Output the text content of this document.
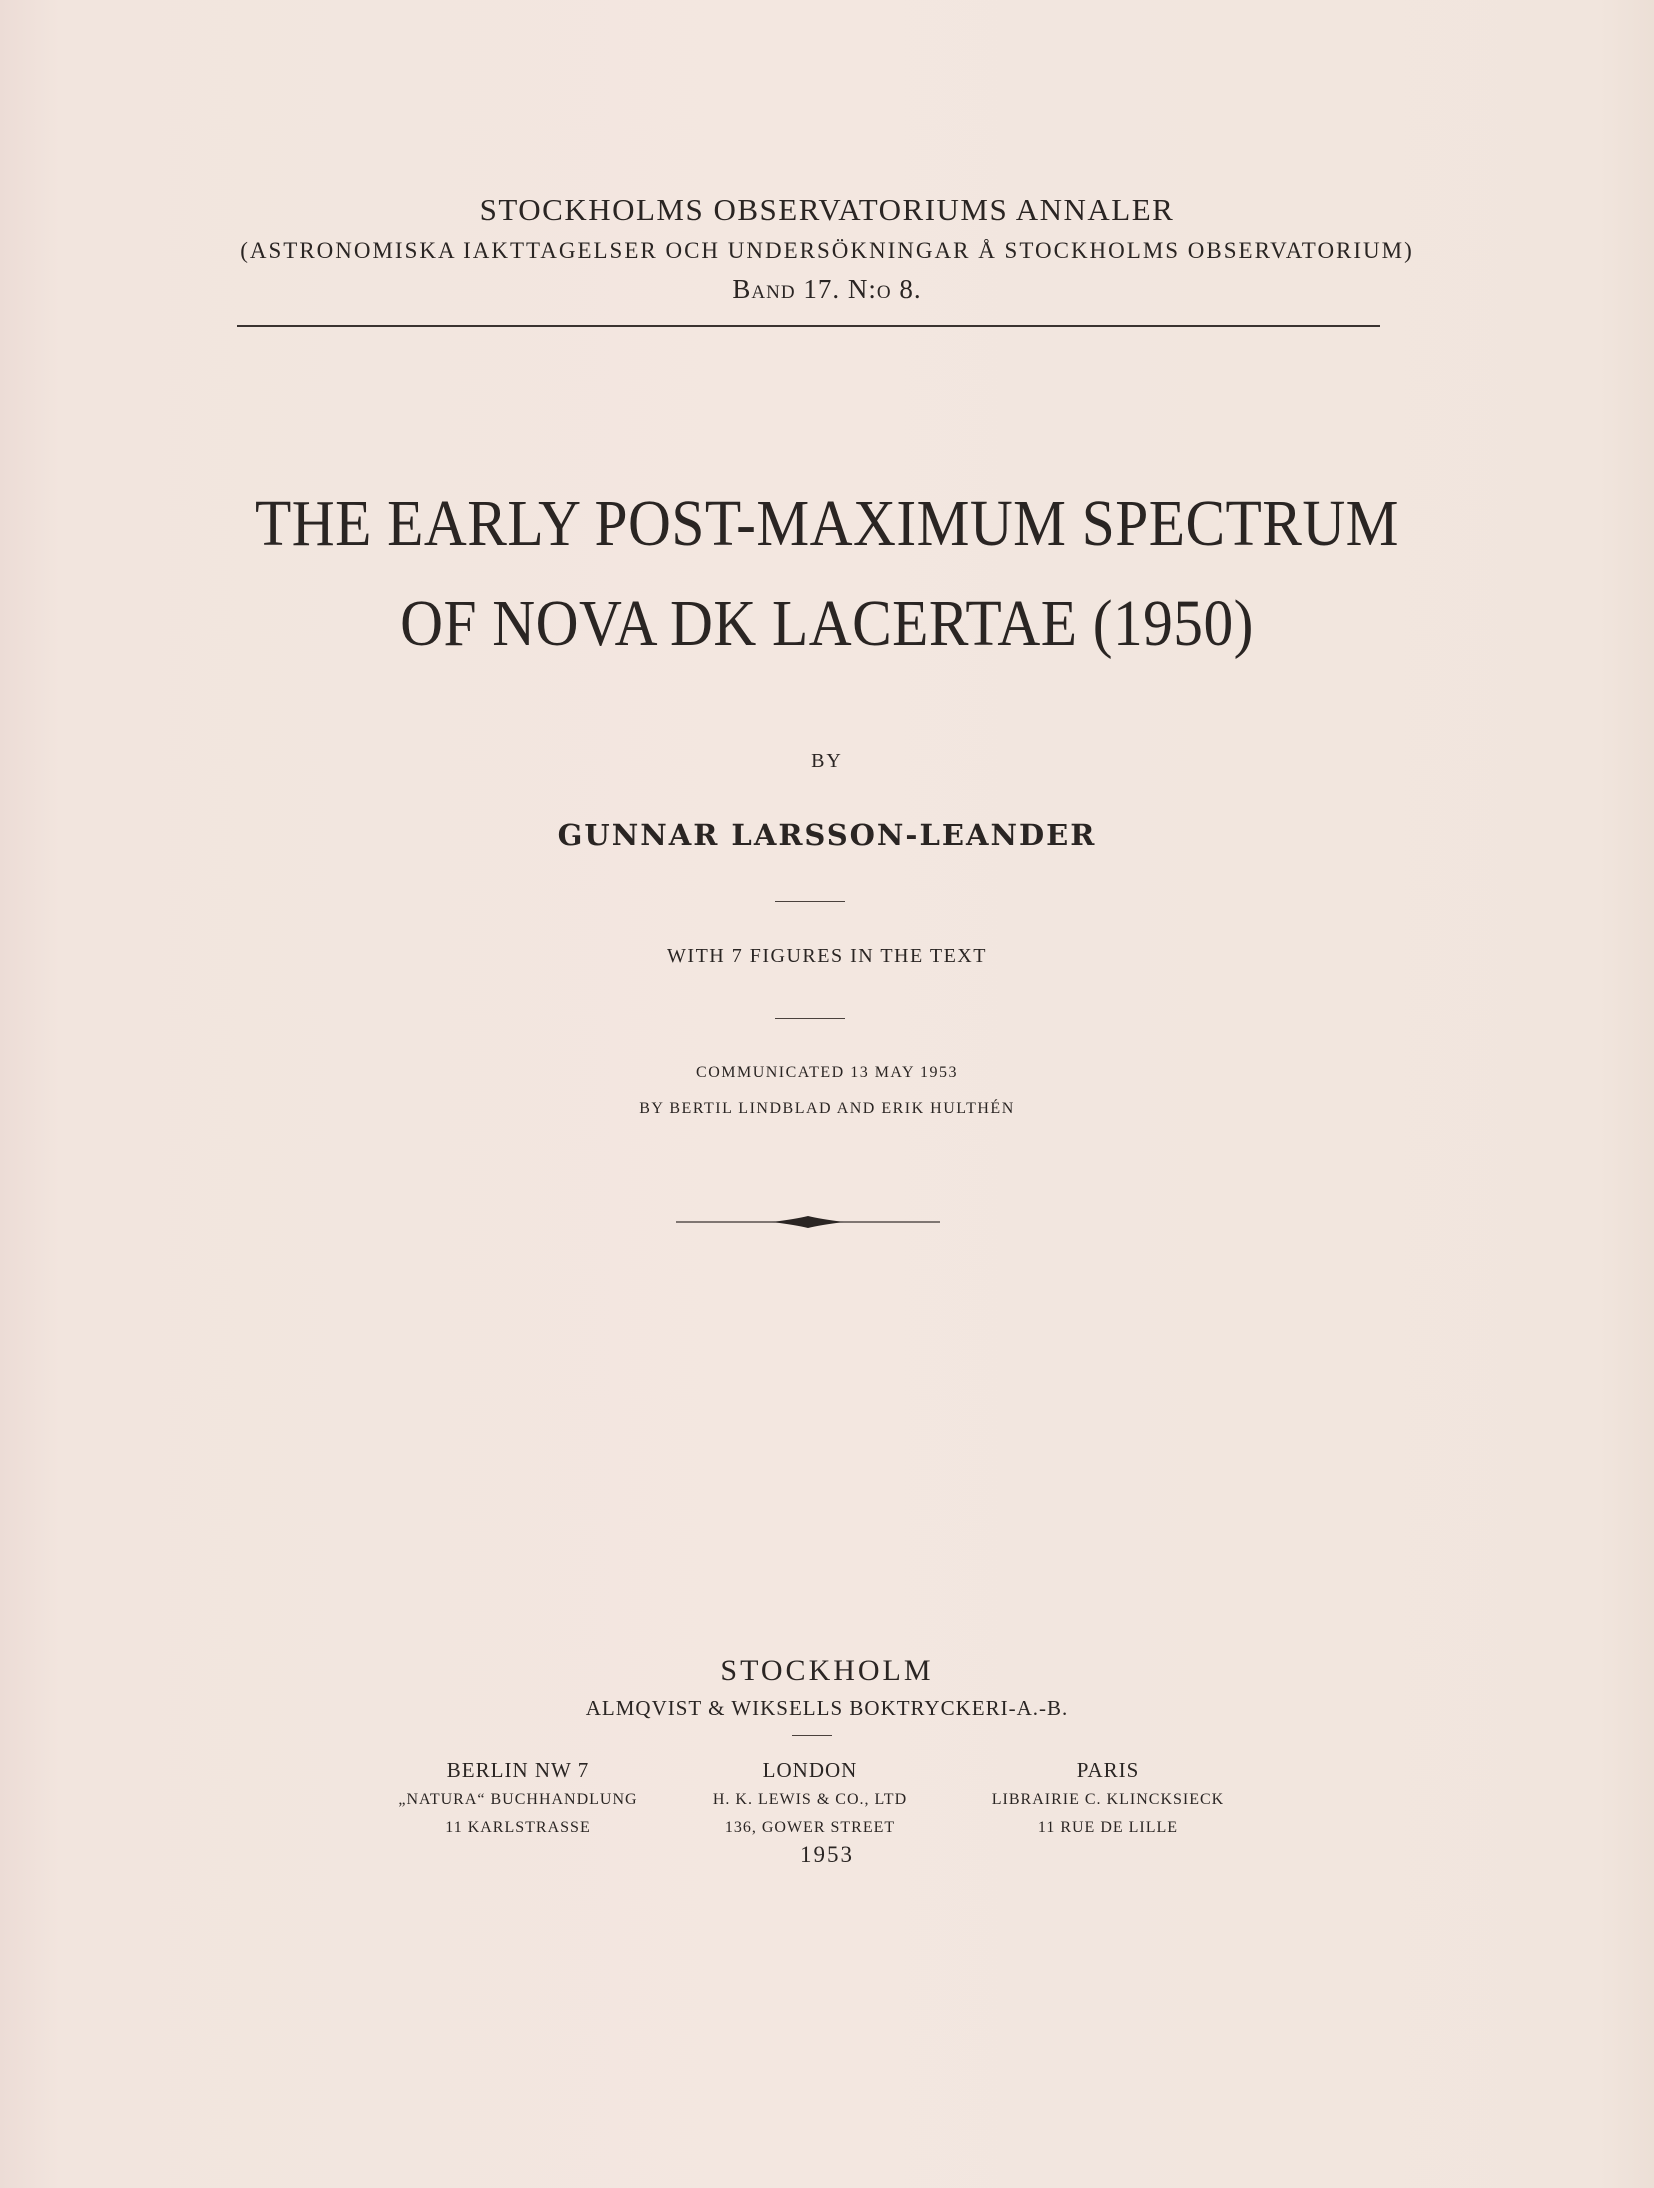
STOCKHOLMS OBSERVATORIUMS ANNALER
(ASTRONOMISKA IAKTTAGELSER OCH UNDERSÖKNINGAR Å STOCKHOLMS OBSERVATORIUM)
Band 17. N:o 8.
THE EARLY POST-MAXIMUM SPECTRUM
OF NOVA DK LACERTAE (1950)
BY
GUNNAR LARSSON-LEANDER
WITH 7 FIGURES IN THE TEXT
COMMUNICATED 13 MAY 1953
BY BERTIL LINDBLAD AND ERIK HULTHÉN
STOCKHOLM
ALMQVIST & WIKSELLS BOKTRYCKERI-A.-B.
BERLIN NW 7
„NATURA“ BUCHHANDLUNG
11 KARLSTRASSE
LONDON
H. K. LEWIS & CO., LTD
136, GOWER STREET
PARIS
LIBRAIRIE C. KLINCKSIECK
11 RUE DE LILLE
1953
